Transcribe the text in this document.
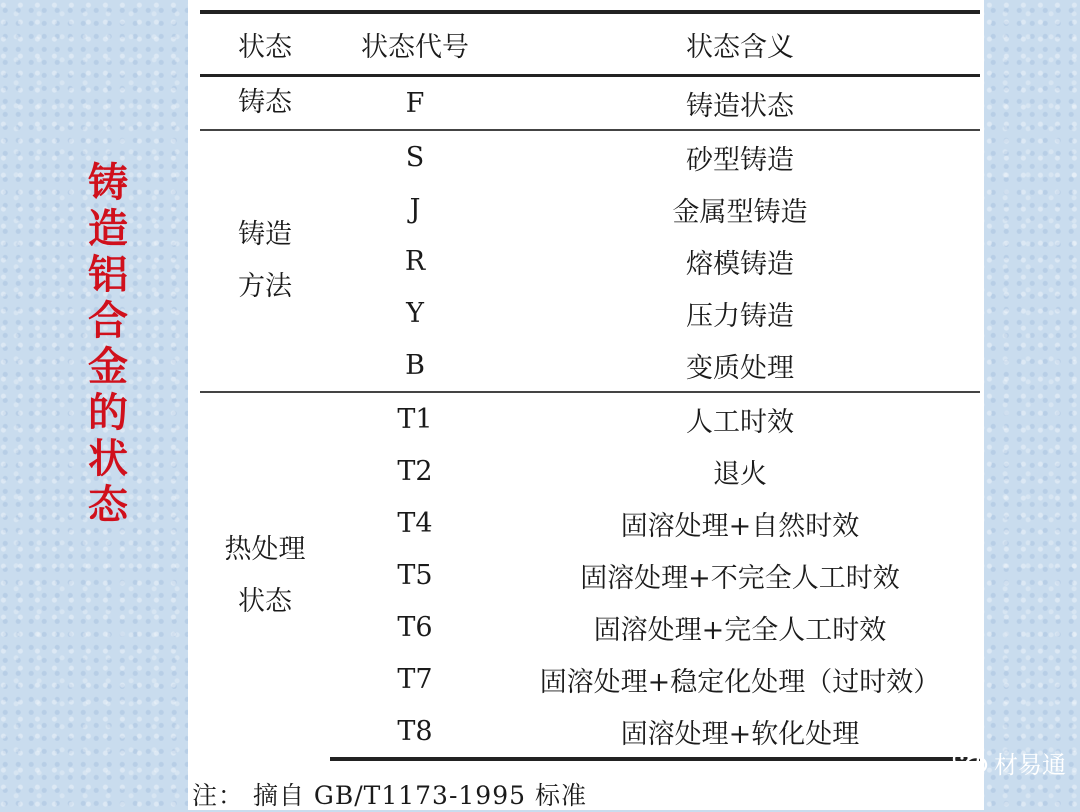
铸造铝合金的状态
状态	状态代号	状态含义

铸态	F	铸造状态

铸造
方法	S	砂型铸造
	J	金属型铸造
	R	熔模铸造
	Y	压力铸造
	B	变质处理

热处理
状态	T1	人工时效
	T2	退火
	T4	固溶处理+自然时效
	T5	固溶处理+不完全人工时效
	T6	固溶处理+完全人工时效
	T7	固溶处理+稳定化处理（过时效）
	T8	固溶处理+软化处理
注： 摘自 GB/T1173-1995 标准
材易通
